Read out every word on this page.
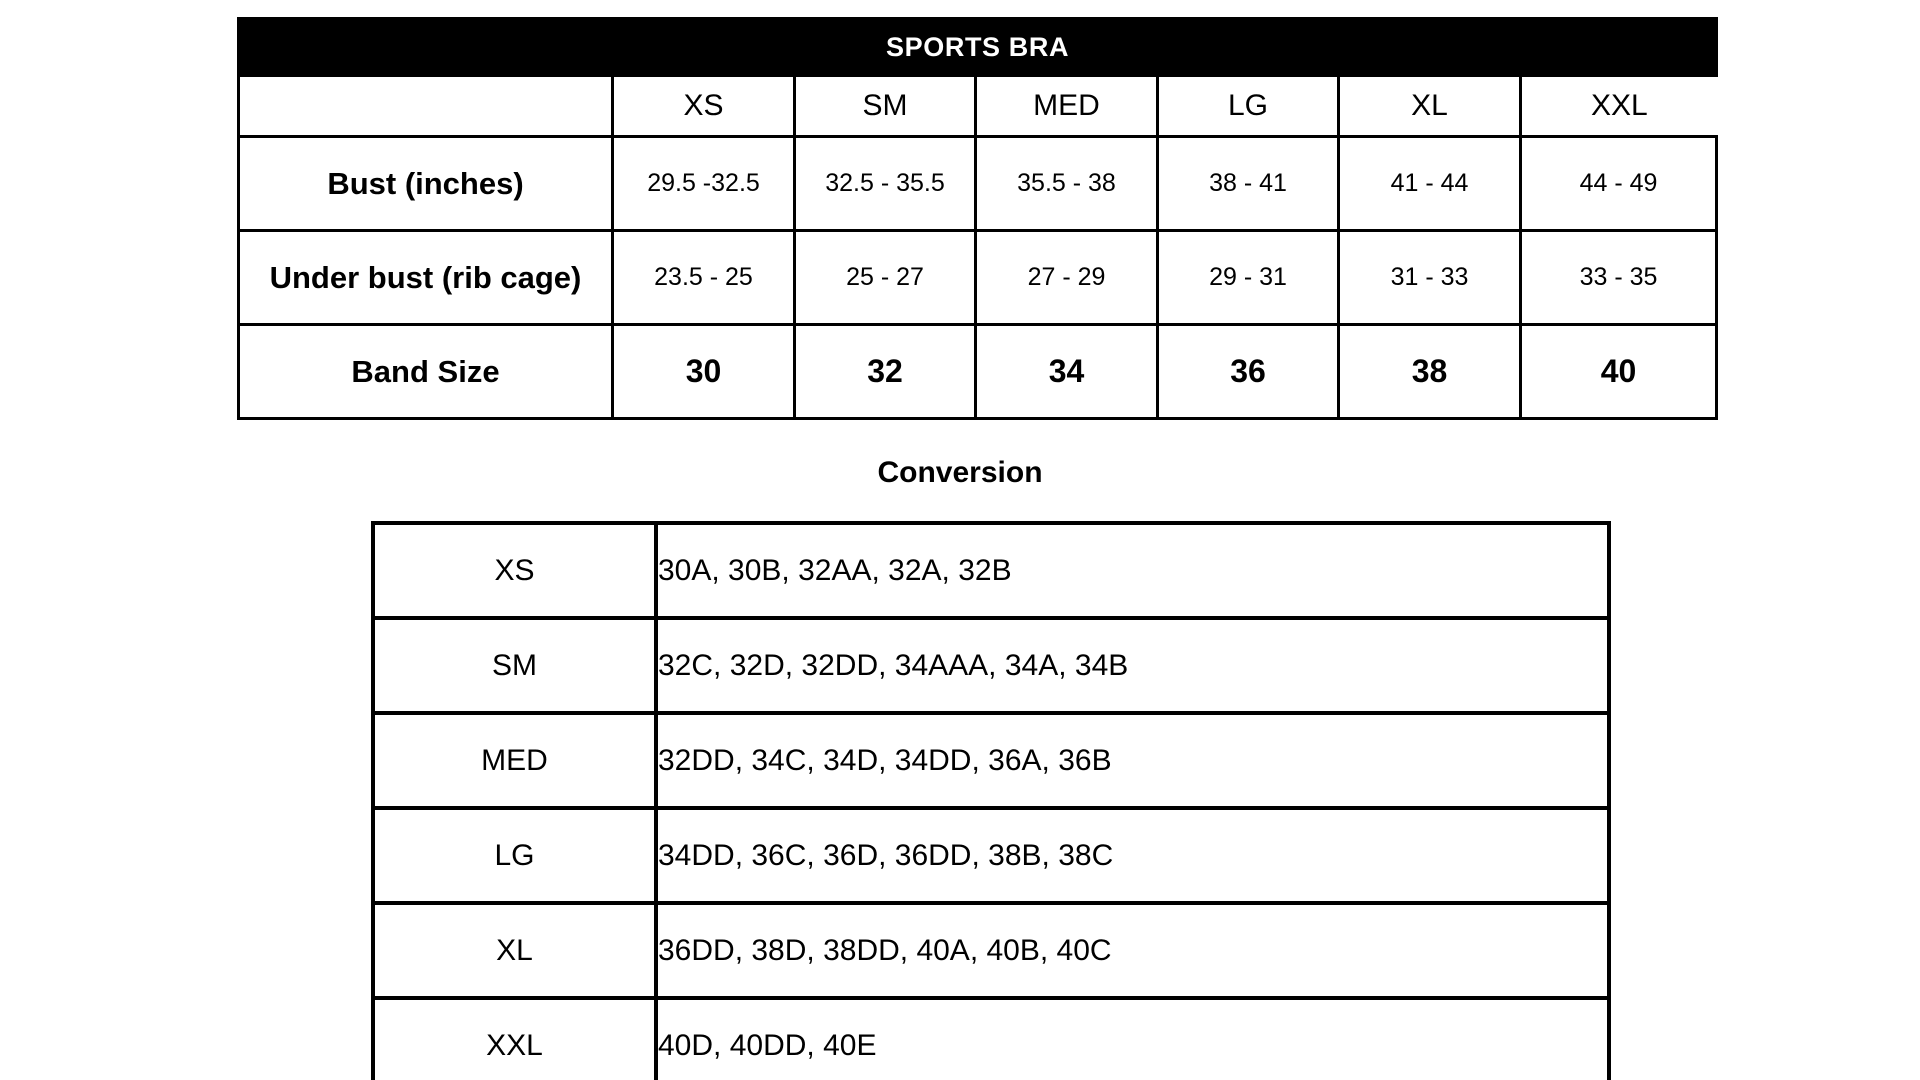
SPORTS BRA						
	XS	SM	MED	LG	XL	XXL
Bust (inches)	29.5 -32.5	32.5 - 35.5	35.5 - 38	38 - 41	41 - 44	44 - 49
Under bust (rib cage)	23.5 - 25	25 - 27	27 - 29	29 - 31	31 - 33	33 - 35
Band Size	30	32	34	36	38	40
Conversion
XS	30A, 30B, 32AA, 32A, 32B
SM	32C, 32D, 32DD, 34AAA, 34A, 34B
MED	32DD, 34C, 34D, 34DD, 36A, 36B
LG	34DD, 36C, 36D, 36DD, 38B, 38C
XL	36DD, 38D, 38DD, 40A, 40B, 40C
XXL	40D, 40DD, 40E
